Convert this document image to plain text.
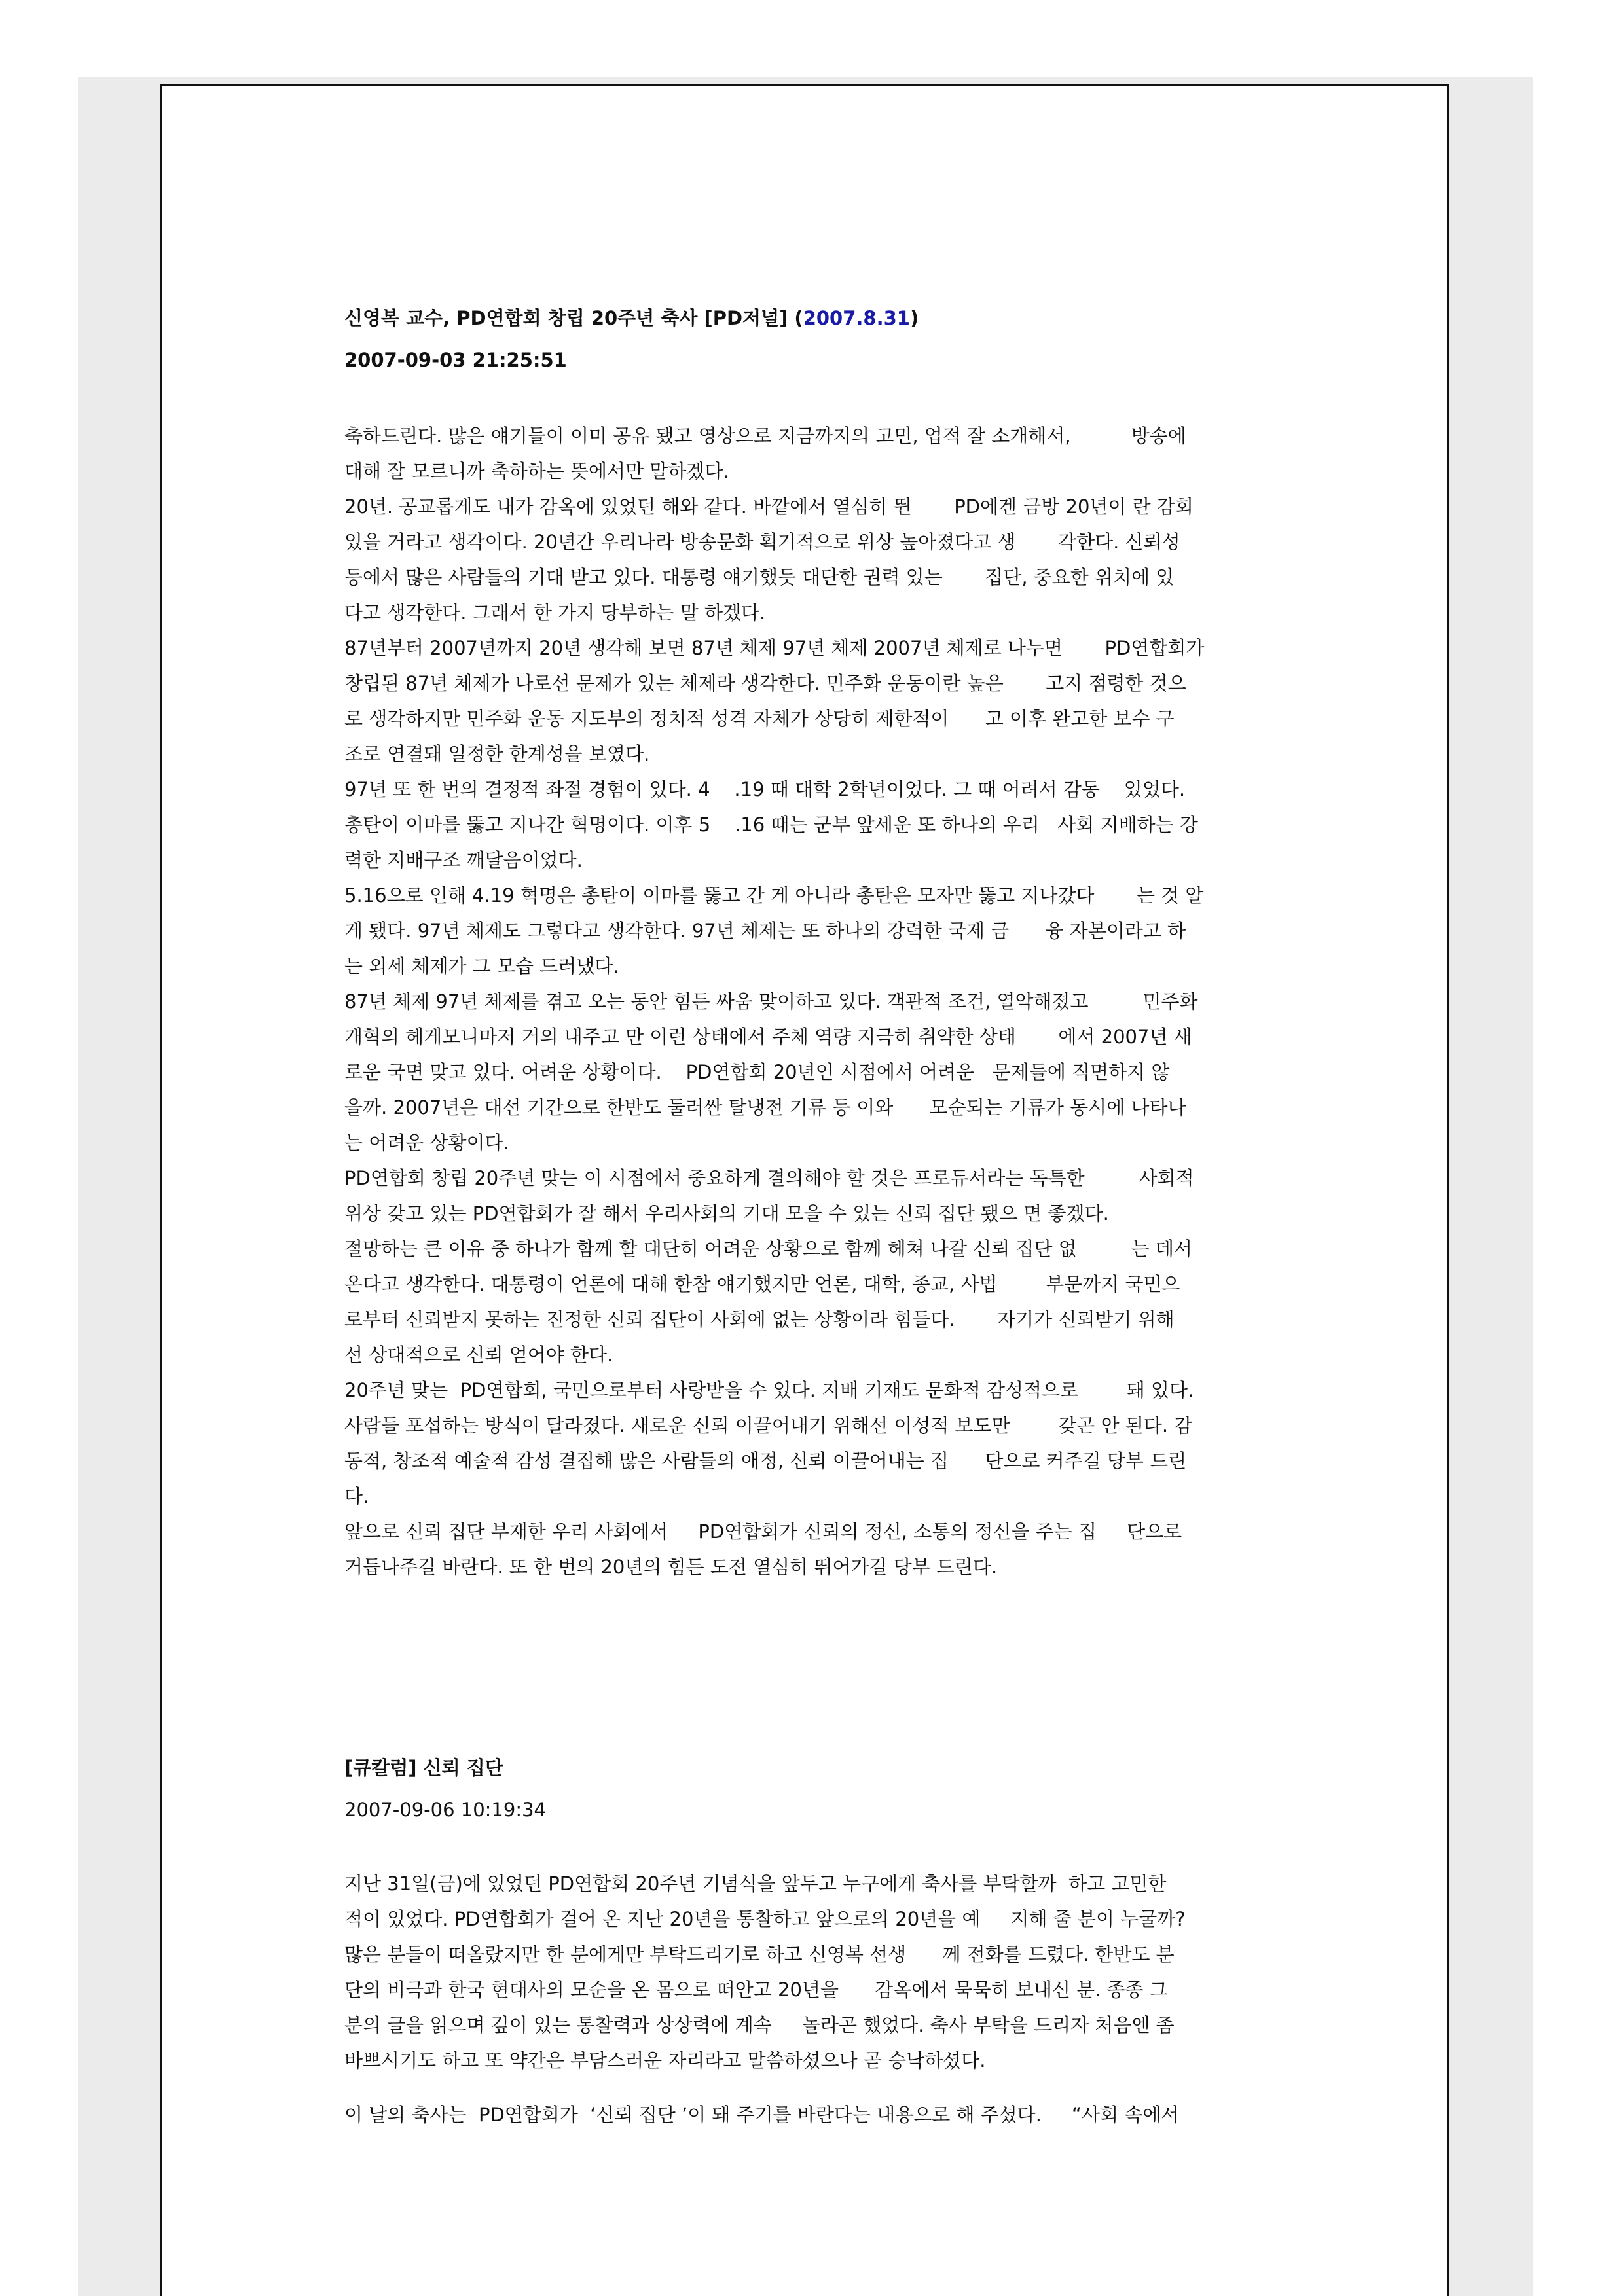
신영복 교수, PD연합회 창립 20주년 축사 [PD저널] (2007.8.31)
2007-09-03 21:25:51

축하드린다. 많은 얘기들이 이미 공유 됐고 영상으로 지금까지의 고민, 업적 잘 소개해서,          방송에

대해 잘 모르니까 축하하는 뜻에서만 말하겠다.

20년. 공교롭게도 내가 감옥에 있었던 해와 같다. 바깥에서 열심히 뛴       PD에겐 금방 20년이 란 감회

있을 거라고 생각이다. 20년간 우리나라 방송문화 획기적으로 위상 높아졌다고 생       각한다. 신뢰성

등에서 많은 사람들의 기대 받고 있다. 대통령 얘기했듯 대단한 권력 있는       집단, 중요한 위치에 있

다고 생각한다. 그래서 한 가지 당부하는 말 하겠다.

87년부터 2007년까지 20년 생각해 보면 87년 체제 97년 체제 2007년 체제로 나누면       PD연합회가

창립된 87년 체제가 나로선 문제가 있는 체제라 생각한다. 민주화 운동이란 높은       고지 점령한 것으

로 생각하지만 민주화 운동 지도부의 정치적 성격 자체가 상당히 제한적이      고 이후 완고한 보수 구

조로 연결돼 일정한 한계성을 보였다.

97년 또 한 번의 결정적 좌절 경험이 있다. 4    .19 때 대학 2학년이었다. 그 때 어려서 감동    있었다.

총탄이 이마를 뚫고 지나간 혁명이다. 이후 5    .16 때는 군부 앞세운 또 하나의 우리   사회 지배하는 강

력한 지배구조 깨달음이었다.

5.16으로 인해 4.19 혁명은 총탄이 이마를 뚫고 간 게 아니라 총탄은 모자만 뚫고 지나갔다       는 것 알

게 됐다. 97년 체제도 그렇다고 생각한다. 97년 체제는 또 하나의 강력한 국제 금      융 자본이라고 하

는 외세 체제가 그 모습 드러냈다.

87년 체제 97년 체제를 겪고 오는 동안 힘든 싸움 맞이하고 있다. 객관적 조건, 열악해졌고         민주화

개혁의 헤게모니마저 거의 내주고 만 이런 상태에서 주체 역량 지극히 취약한 상태       에서 2007년 새

로운 국면 맞고 있다. 어려운 상황이다.    PD연합회 20년인 시점에서 어려운   문제들에 직면하지 않

을까. 2007년은 대선 기간으로 한반도 둘러싼 탈냉전 기류 등 이와      모순되는 기류가 동시에 나타나

는 어려운 상황이다.

PD연합회 창립 20주년 맞는 이 시점에서 중요하게 결의해야 할 것은 프로듀서라는 독특한         사회적

위상 갖고 있는 PD연합회가 잘 해서 우리사회의 기대 모을 수 있는 신뢰 집단 됐으 면 좋겠다.

절망하는 큰 이유 중 하나가 함께 할 대단히 어려운 상황으로 함께 헤쳐 나갈 신뢰 집단 없         는 데서

온다고 생각한다. 대통령이 언론에 대해 한참 얘기했지만 언론, 대학, 종교, 사법        부문까지 국민으

로부터 신뢰받지 못하는 진정한 신뢰 집단이 사회에 없는 상황이라 힘들다.       자기가 신뢰받기 위해

선 상대적으로 신뢰 얻어야 한다.

20주년 맞는  PD연합회, 국민으로부터 사랑받을 수 있다. 지배 기재도 문화적 감성적으로        돼 있다.

사람들 포섭하는 방식이 달라졌다. 새로운 신뢰 이끌어내기 위해선 이성적 보도만        갖곤 안 된다. 감

동적, 창조적 예술적 감성 결집해 많은 사람들의 애정, 신뢰 이끌어내는 집      단으로 커주길 당부 드린

다.

앞으로 신뢰 집단 부재한 우리 사회에서     PD연합회가 신뢰의 정신, 소통의 정신을 주는 집     단으로

거듭나주길 바란다. 또 한 번의 20년의 힘든 도전 열심히 뛰어가길 당부 드린다.

[큐칼럼] 신뢰 집단
2007-09-06 10:19:34

지난 31일(금)에 있었던 PD연합회 20주년 기념식을 앞두고 누구에게 축사를 부탁할까  하고 고민한

적이 있었다. PD연합회가 걸어 온 지난 20년을 통찰하고 앞으로의 20년을 예     지해 줄 분이 누굴까?

많은 분들이 떠올랐지만 한 분에게만 부탁드리기로 하고 신영복 선생      께 전화를 드렸다. 한반도 분

단의 비극과 한국 현대사의 모순을 온 몸으로 떠안고 20년을      감옥에서 묵묵히 보내신 분. 종종 그

분의 글을 읽으며 깊이 있는 통찰력과 상상력에 계속     놀라곤 했었다. 축사 부탁을 드리자 처음엔 좀

바쁘시기도 하고 또 약간은 부담스러운 자리라고 말씀하셨으나 곧 승낙하셨다.

이 날의 축사는  PD연합회가  ‘신뢰 집단 ’이 돼 주기를 바란다는 내용으로 해 주셨다.     “사회 속에서
